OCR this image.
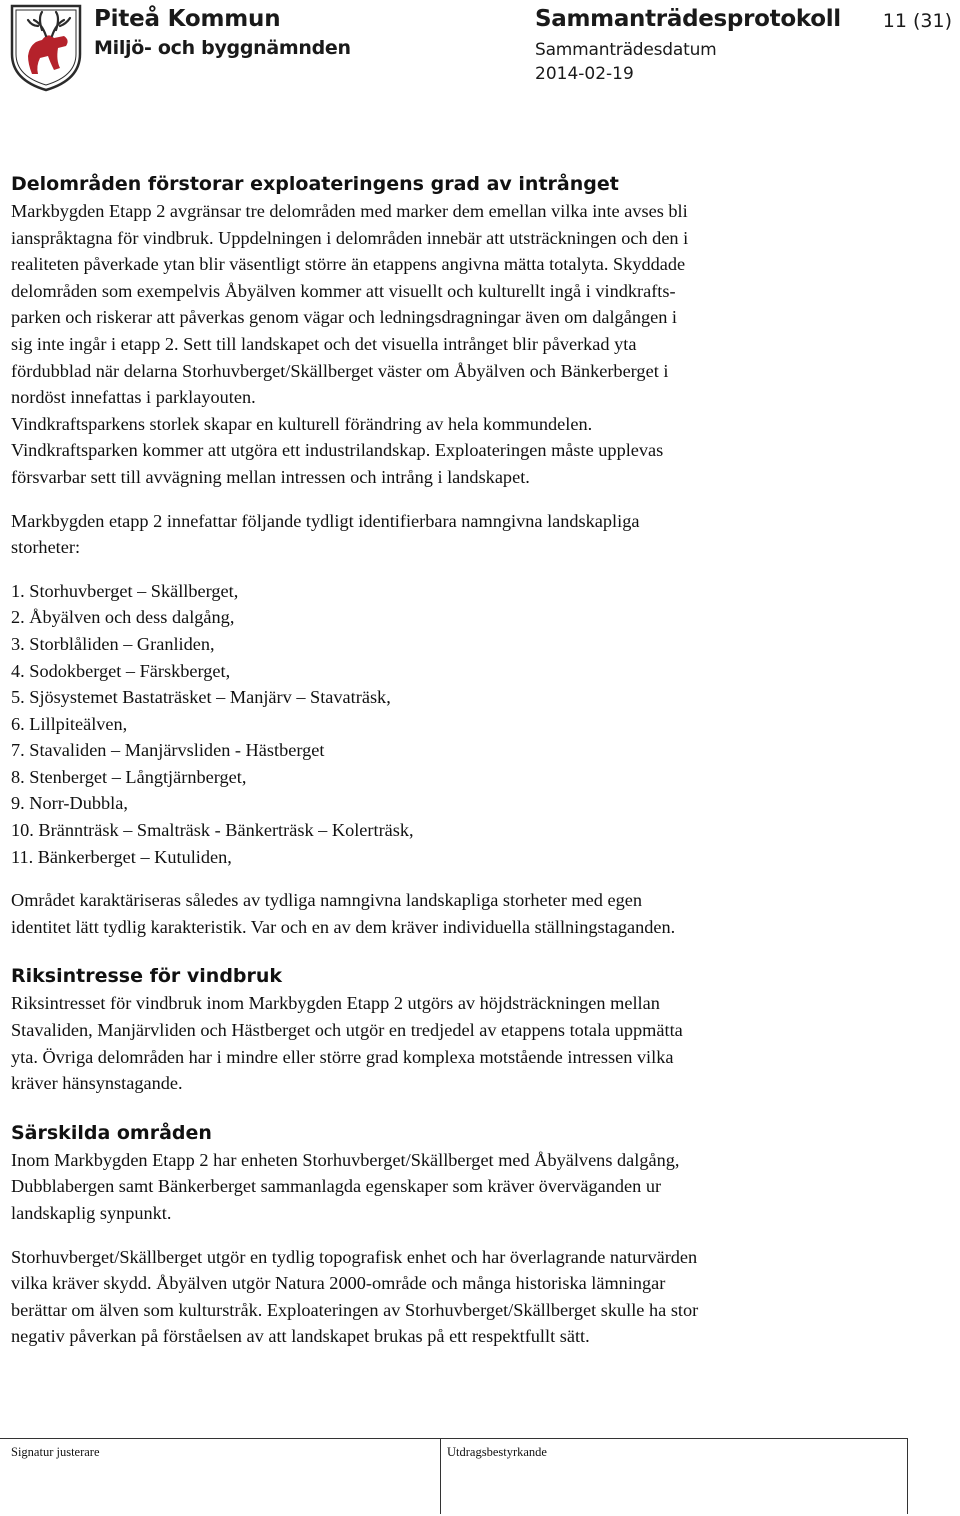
Piteå Kommun
Miljö- och byggnämnden
Sammanträdesprotokoll
Sammanträdesdatum
2014-02-19
11 (31)
Delområden förstorar exploateringens grad av intrånget
Markbygden Etapp 2 avgränsar tre delområden med marker dem emellan vilka inte avses bli
ianspråktagna för vindbruk. Uppdelningen i delområden innebär att utsträckningen och den i
realiteten påverkade ytan blir väsentligt större än etappens angivna mätta totalyta. Skyddade
delområden som exempelvis Åbyälven kommer att visuellt och kulturellt ingå i vindkrafts-
parken och riskerar att påverkas genom vägar och ledningsdragningar även om dalgången i
sig inte ingår i etapp 2. Sett till landskapet och det visuella intrånget blir påverkad yta
fördubblad när delarna Storhuvberget/Skällberget väster om Åbyälven och Bänkerberget i
nordöst innefattas i parklayouten.
Vindkraftsparkens storlek skapar en kulturell förändring av hela kommundelen.
Vindkraftsparken kommer att utgöra ett industrilandskap. Exploateringen måste upplevas
försvarbar sett till avvägning mellan intressen och intrång i landskapet.
Markbygden etapp 2 innefattar följande tydligt identifierbara namngivna landskapliga
storheter:
1. Storhuvberget – Skällberget,
2. Åbyälven och dess dalgång,
3. Storblåliden – Granliden,
4. Sodokberget – Färskberget,
5. Sjösystemet Bastaträsket – Manjärv – Stavaträsk,
6. Lillpiteälven,
7. Stavaliden – Manjärvsliden - Hästberget
8. Stenberget – Långtjärnberget,
9. Norr-Dubbla,
10. Brännträsk – Smalträsk - Bänkerträsk – Kolerträsk,
11. Bänkerberget – Kutuliden,
Området karaktäriseras således av tydliga namngivna landskapliga storheter med egen
identitet lätt tydlig karakteristik. Var och en av dem kräver individuella ställningstaganden.
Riksintresse för vindbruk
Riksintresset för vindbruk inom Markbygden Etapp 2 utgörs av höjdsträckningen mellan
Stavaliden, Manjärvliden och Hästberget och utgör en tredjedel av etappens totala uppmätta
yta. Övriga delområden har i mindre eller större grad komplexa motstående intressen vilka
kräver hänsynstagande.
Särskilda områden
Inom Markbygden Etapp 2 har enheten Storhuvberget/Skällberget med Åbyälvens dalgång,
Dubblabergen samt Bänkerberget sammanlagda egenskaper som kräver överväganden ur
landskaplig synpunkt.
Storhuvberget/Skällberget utgör en tydlig topografisk enhet och har överlagrande naturvärden
vilka kräver skydd. Åbyälven utgör Natura 2000-område och många historiska lämningar
berättar om älven som kulturstråk. Exploateringen av Storhuvberget/Skällberget skulle ha stor
negativ påverkan på förståelsen av att landskapet brukas på ett respektfullt sätt.
Signatur justerare	Utdragsbestyrkande
